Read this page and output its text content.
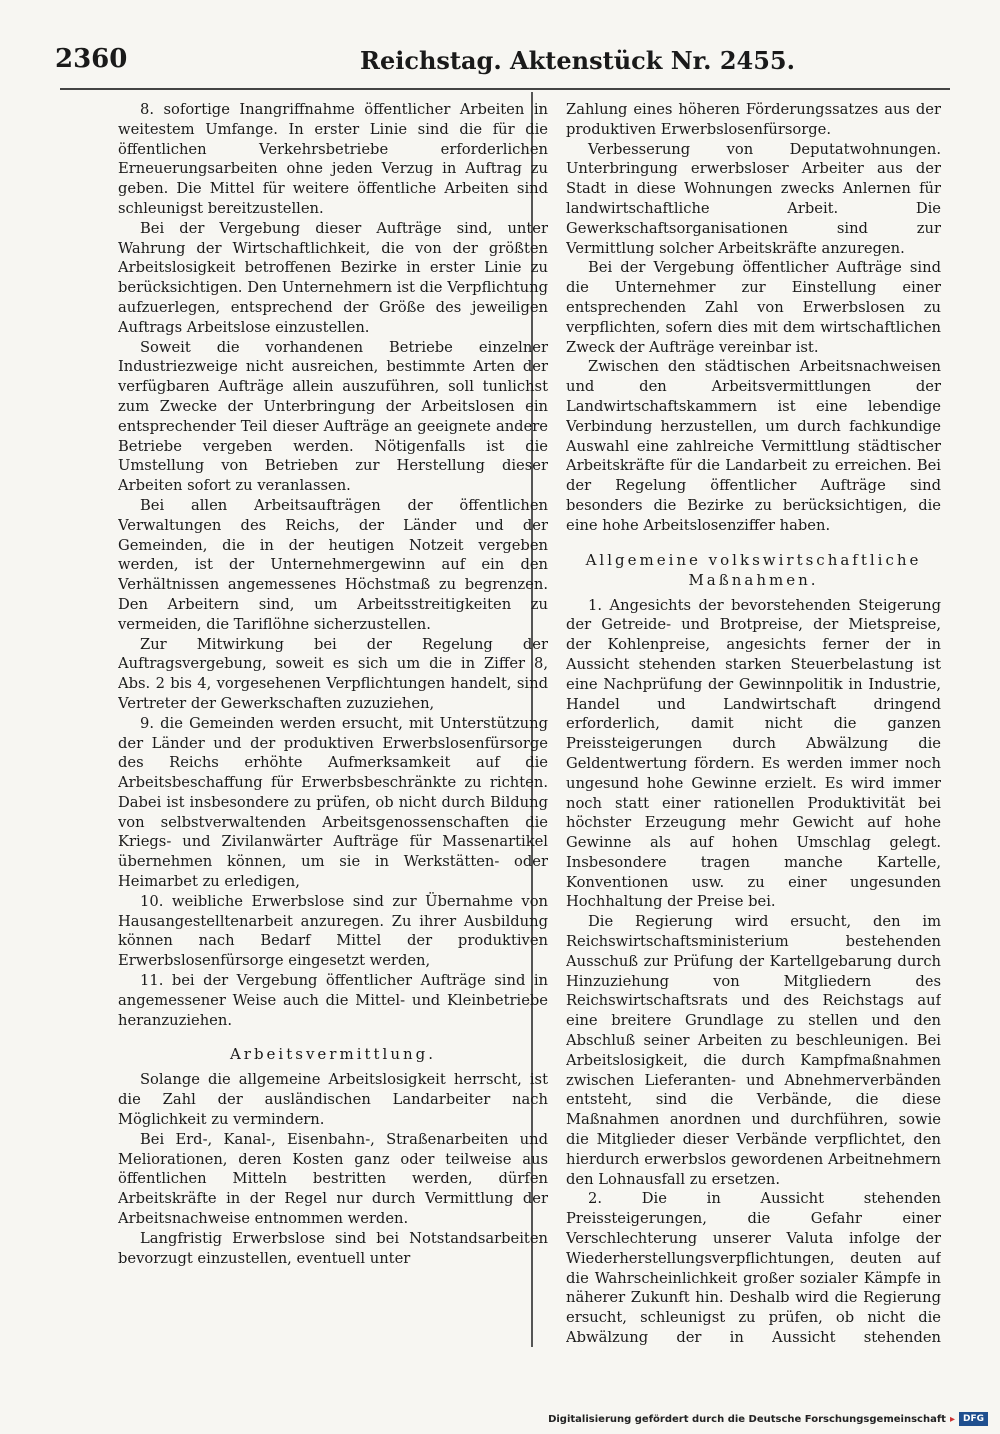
2360	Reichstag. Aktenstück Nr. 2455.

8. sofortige Inangriffnahme öffentlicher Arbeiten in weitestem Umfange. In erster Linie sind die für die öffentlichen Verkehrsbetriebe erforderlichen Erneuerungsarbeiten ohne jeden Verzug in Auftrag zu geben. Die Mittel für weitere öffentliche Arbeiten sind schleunigst bereitzustellen.

Bei der Vergebung dieser Aufträge sind, unter Wahrung der Wirtschaftlichkeit, die von der größten Arbeitslosigkeit betroffenen Bezirke in erster Linie zu berücksichtigen. Den Unternehmern ist die Verpflichtung aufzuerlegen, entsprechend der Größe des jeweiligen Auftrags Arbeitslose einzustellen.

Soweit die vorhandenen Betriebe einzelner Industriezweige nicht ausreichen, bestimmte Arten der verfügbaren Aufträge allein auszuführen, soll tunlichst zum Zwecke der Unterbringung der Arbeitslosen ein entsprechender Teil dieser Aufträge an geeignete andere Betriebe vergeben werden. Nötigenfalls ist die Umstellung von Betrieben zur Herstellung dieser Arbeiten sofort zu veranlassen.

Bei allen Arbeitsaufträgen der öffentlichen Verwaltungen des Reichs, der Länder und der Gemeinden, die in der heutigen Notzeit vergeben werden, ist der Unternehmergewinn auf ein den Verhältnissen angemessenes Höchstmaß zu begrenzen. Den Arbeitern sind, um Arbeitsstreitigkeiten zu vermeiden, die Tariflöhne sicherzustellen.

Zur Mitwirkung bei der Regelung der Auftragsvergebung, soweit es sich um die in Ziffer 8, Abs. 2 bis 4, vorgesehenen Verpflichtungen handelt, sind Vertreter der Gewerkschaften zuzuziehen,

9. die Gemeinden werden ersucht, mit Unterstützung der Länder und der produktiven Erwerbslosenfürsorge des Reichs erhöhte Aufmerksamkeit auf die Arbeitsbeschaffung für Erwerbsbeschränkte zu richten. Dabei ist insbesondere zu prüfen, ob nicht durch Bildung von selbstverwaltenden Arbeitsgenossenschaften die Kriegs- und Zivilanwärter Aufträge für Massenartikel übernehmen können, um sie in Werkstätten- oder Heimarbet zu erledigen,

10. weibliche Erwerbslose sind zur Übernahme von Hausangestelltenarbeit anzuregen. Zu ihrer Ausbildung können nach Bedarf Mittel der produktiven Erwerbslosenfürsorge eingesetzt werden,

11. bei der Vergebung öffentlicher Aufträge sind in angemessener Weise auch die Mittel- und Kleinbetriebe heranzuziehen.

Arbeitsvermittlung.

Solange die allgemeine Arbeitslosigkeit herrscht, ist die Zahl der ausländischen Landarbeiter nach Möglichkeit zu vermindern.

Bei Erd-, Kanal-, Eisenbahn-, Straßenarbeiten und Meliorationen, deren Kosten ganz oder teilweise aus öffentlichen Mitteln bestritten werden, dürfen Arbeitskräfte in der Regel nur durch Vermittlung der Arbeitsnachweise entnommen werden.

Langfristig Erwerbslose sind bei Notstandsarbeiten bevorzugt einzustellen, eventuell unter

Zahlung eines höheren Förderungssatzes aus der produktiven Erwerbslosenfürsorge.

Verbesserung von Deputatwohnungen. Unterbringung erwerbsloser Arbeiter aus der Stadt in diese Wohnungen zwecks Anlernen für landwirtschaftliche Arbeit. Die Gewerkschaftsorganisationen sind zur Vermittlung solcher Arbeitskräfte anzuregen.

Bei der Vergebung öffentlicher Aufträge sind die Unternehmer zur Einstellung einer entsprechenden Zahl von Erwerbslosen zu verpflichten, sofern dies mit dem wirtschaftlichen Zweck der Aufträge vereinbar ist.

Zwischen den städtischen Arbeitsnachweisen und den Arbeitsvermittlungen der Landwirtschaftskammern ist eine lebendige Verbindung herzustellen, um durch fachkundige Auswahl eine zahlreiche Vermittlung städtischer Arbeitskräfte für die Landarbeit zu erreichen. Bei der Regelung öffentlicher Aufträge sind besonders die Bezirke zu berücksichtigen, die eine hohe Arbeitslosenziffer haben.

Allgemeine volkswirtschaftliche Maßnahmen.

1. Angesichts der bevorstehenden Steigerung der Getreide- und Brotpreise, der Mietspreise, der Kohlenpreise, angesichts ferner der in Aussicht stehenden starken Steuerbelastung ist eine Nachprüfung der Gewinnpolitik in Industrie, Handel und Landwirtschaft dringend erforderlich, damit nicht die ganzen Preissteigerungen durch Abwälzung die Geldentwertung fördern. Es werden immer noch ungesund hohe Gewinne erzielt. Es wird immer noch statt einer rationellen Produktivität bei höchster Erzeugung mehr Gewicht auf hohe Gewinne als auf hohen Umschlag gelegt. Insbesondere tragen manche Kartelle, Konventionen usw. zu einer ungesunden Hochhaltung der Preise bei.

Die Regierung wird ersucht, den im Reichswirtschaftsministerium bestehenden Ausschuß zur Prüfung der Kartellgebarung durch Hinzuziehung von Mitgliedern des Reichswirtschaftsrats und des Reichstags auf eine breitere Grundlage zu stellen und den Abschluß seiner Arbeiten zu beschleunigen. Bei Arbeitslosigkeit, die durch Kampfmaßnahmen zwischen Lieferanten- und Abnehmerverbänden entsteht, sind die Verbände, die diese Maßnahmen anordnen und durchführen, sowie die Mitglieder dieser Verbände verpflichtet, den hierdurch erwerbslos gewordenen Arbeitnehmern den Lohnausfall zu ersetzen.

2. Die in Aussicht stehenden Preissteigerungen, die Gefahr einer Verschlechterung unserer Valuta infolge der Wiederherstellungsverpflichtungen, deuten auf die Wahrscheinlichkeit großer sozialer Kämpfe in näherer Zukunft hin. Deshalb wird die Regierung ersucht, schleunigst zu prüfen, ob nicht die Abwälzung der in Aussicht stehenden

Digitalisierung gefördert durch die Deutsche Forschungsgemeinschaft ▸ DFG
